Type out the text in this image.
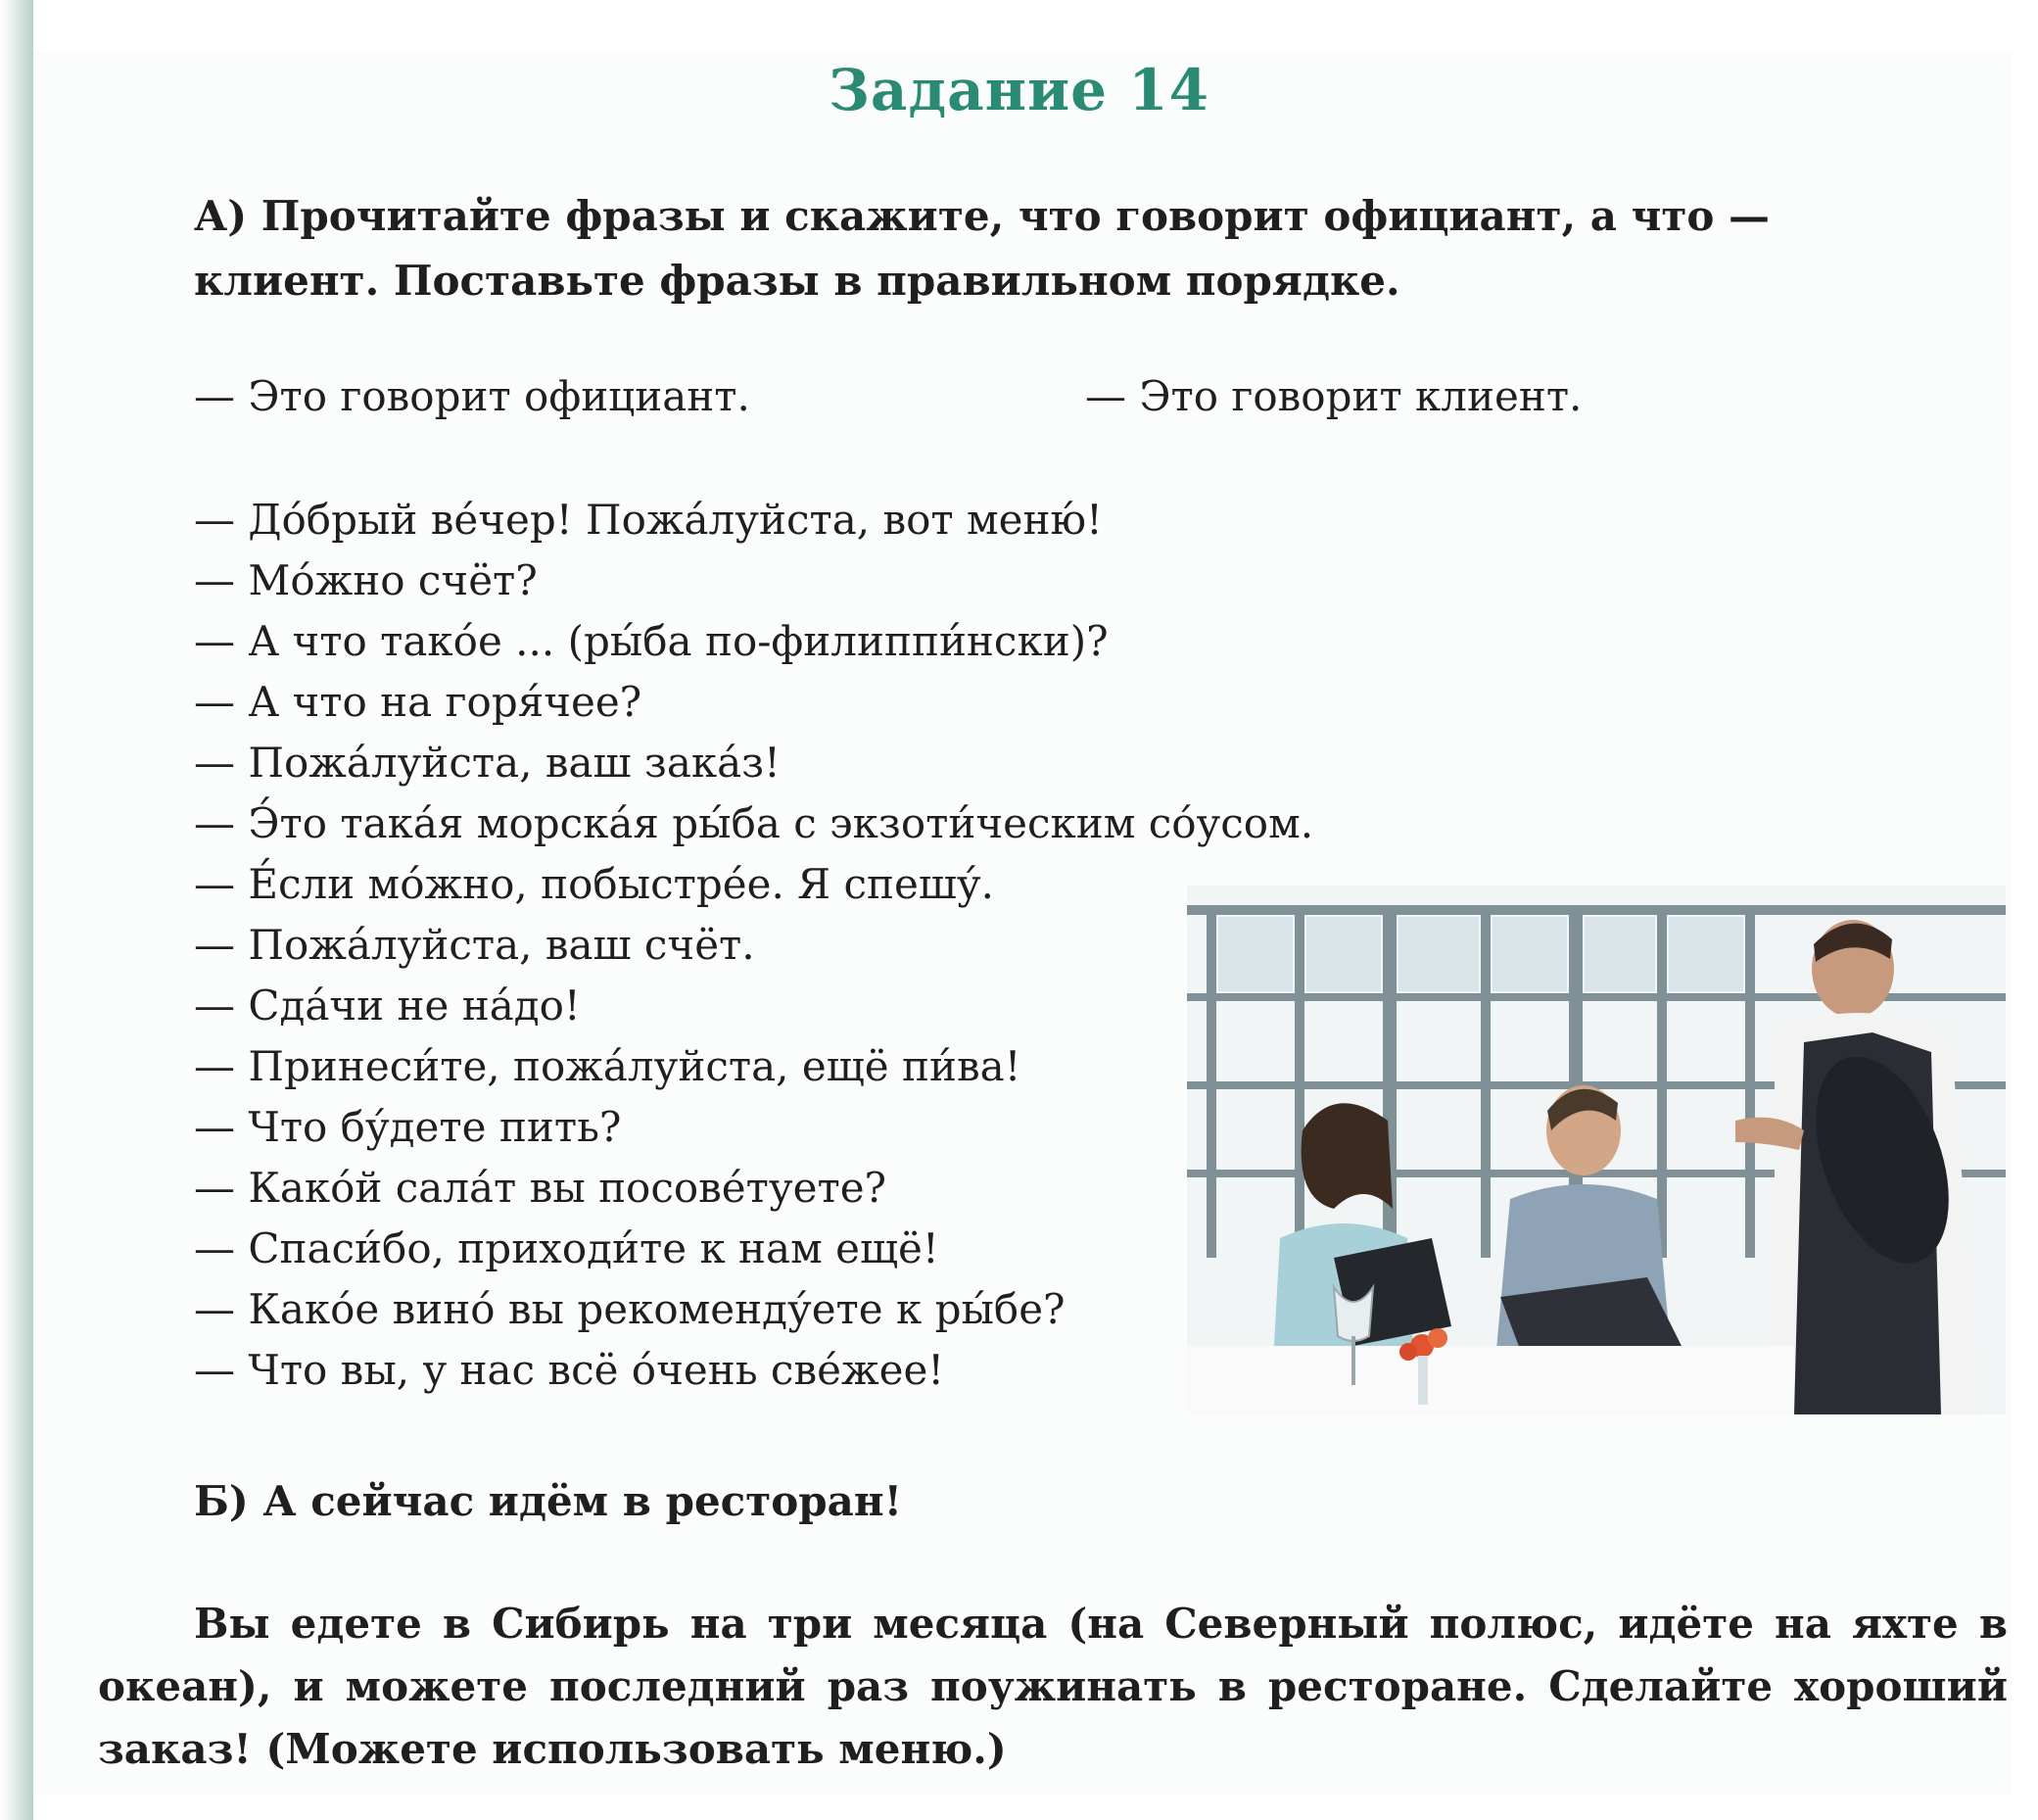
Задание 14
А) Прочитайте фразы и скажите, что говорит официант, а что — клиент. Поставьте фразы в правильном порядке.
— Это говорит официант.	— Это говорит клиент.
— До́брый ве́чер! Пожа́луйста, вот меню́!
— Мо́жно счёт?
— А что тако́е ... (ры́ба по-филиппи́нски)?
— А что на горя́чее?
— Пожа́луйста, ваш зака́з!
— Э́то така́я морска́я ры́ба с экзоти́ческим со́усом.
— Е́сли мо́жно, побыстре́е. Я спешу́.
— Пожа́луйста, ваш счёт.
— Сда́чи не на́до!
— Принеси́те, пожа́луйста, ещё пи́ва!
— Что бу́дете пить?
— Како́й сала́т вы посове́туете?
— Спаси́бо, приходи́те к нам ещё!
— Како́е вино́ вы рекоменду́ете к ры́бе?
— Что вы, у нас всё о́чень све́жее!
Б) А сейчас идём в ресторан!
Вы едете в Сибирь на три месяца (на Северный полюс, идёте на яхте в океан), и можете последний раз поужинать в ресторане. Сделайте хороший заказ! (Можете использовать меню.)
